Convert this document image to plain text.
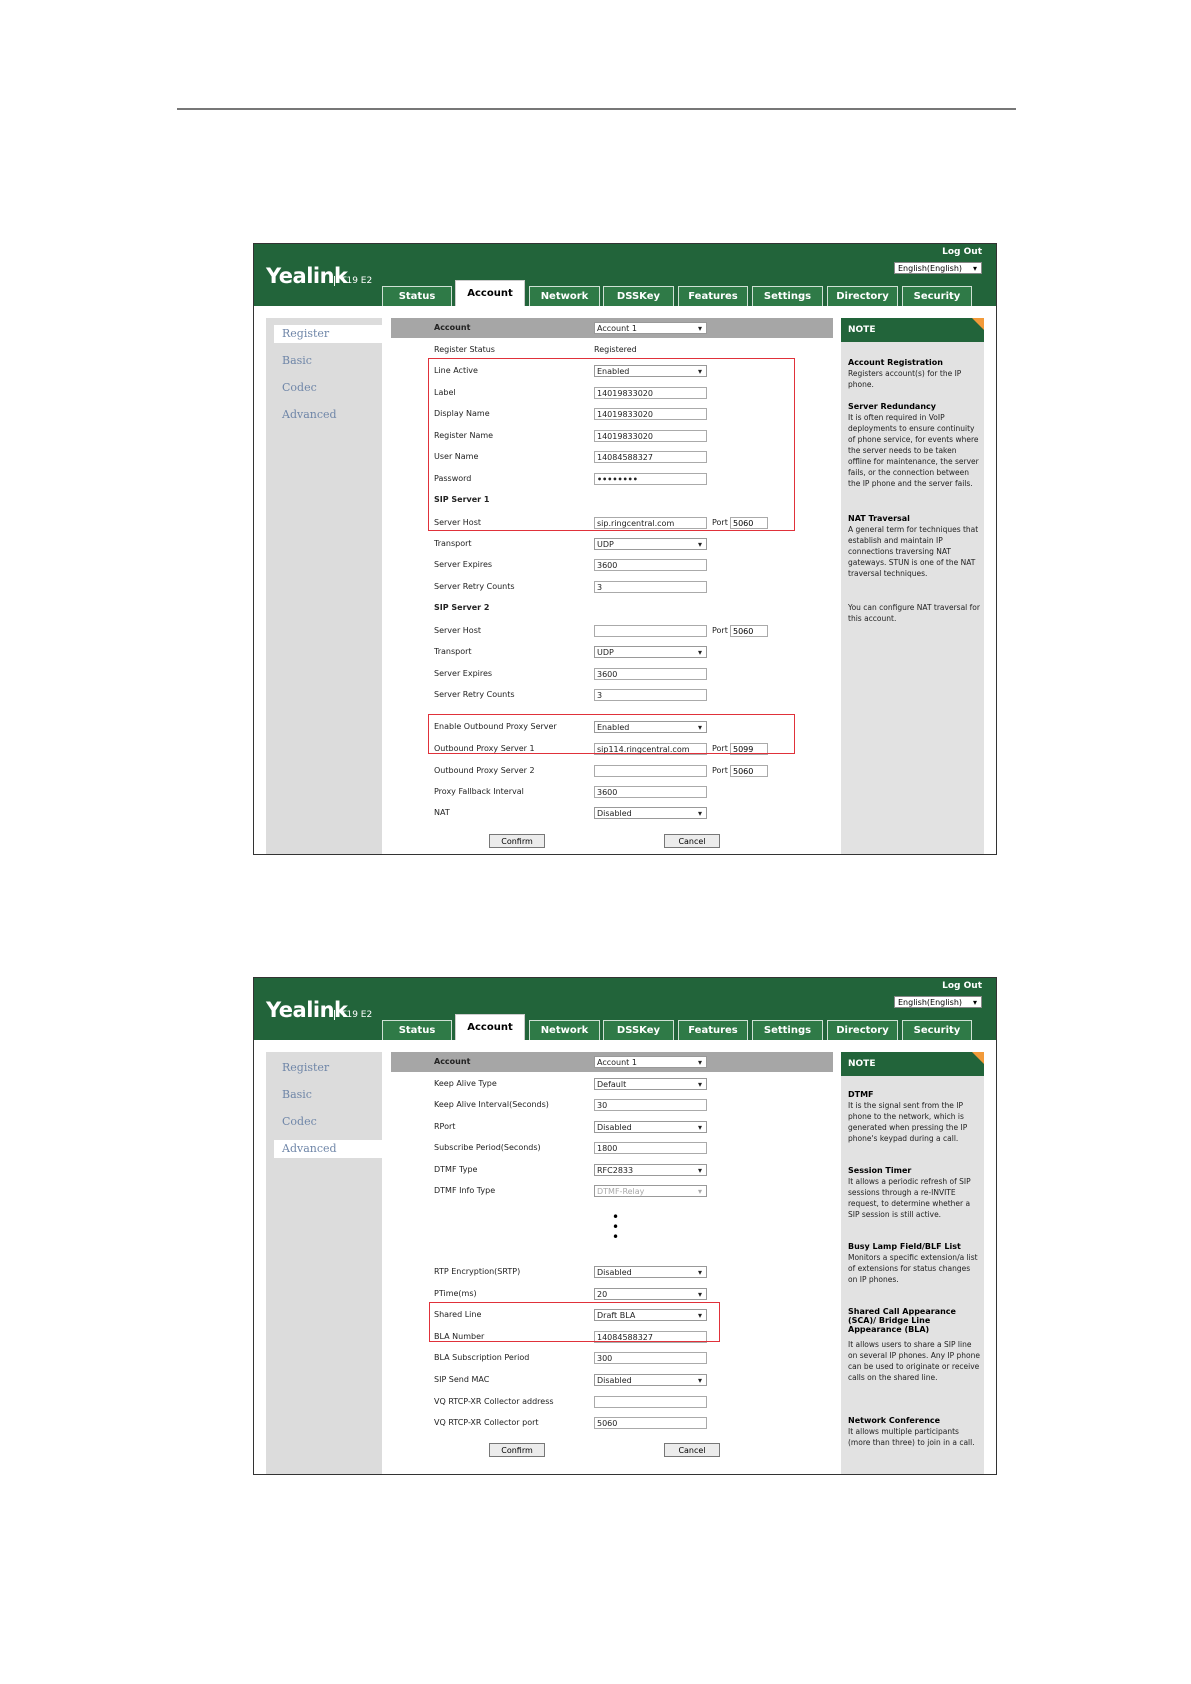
Yealink
T19 E2
Log Out
English(English) ▾
Status	Account	Network	DSSKey	Features	Settings	Directory	Security
Register
Basic
Codec
Advanced
Account	Account 1	▾
Register Status	Registered
Line Active	Enabled	▾
Label	14019833020
Display Name	14019833020
Register Name	14019833020
User Name	14084588327
Password	••••••••
SIP Server 1
Server Host	sip.ringcentral.com	Port 5060
Transport	UDP	▾
Server Expires	3600
Server Retry Counts	3
SIP Server 2
Server Host	Port 5060
Transport	UDP	▾
Server Expires	3600
Server Retry Counts	3
Enable Outbound Proxy Server	Enabled	▾
Outbound Proxy Server 1	sip114.ringcentral.com	Port 5099
Outbound Proxy Server 2	Port 5060
Proxy Fallback Interval	3600
NAT	Disabled	▾
Confirm	Cancel
NOTE
Account Registration
Registers account(s) for the IP phone.
Server Redundancy
It is often required in VoIP deployments to ensure continuity of phone service, for events where the server needs to be taken offline for maintenance, the server fails, or the connection between the IP phone and the server fails.
NAT Traversal
A general term for techniques that establish and maintain IP connections traversing NAT gateways. STUN is one of the NAT traversal techniques.
You can configure NAT traversal for this account.
Yealink
T19 E2
Log Out
English(English) ▾
Status	Account	Network	DSSKey	Features	Settings	Directory	Security
Register
Basic
Codec
Advanced
Account	Account 1	▾
Keep Alive Type	Default	▾
Keep Alive Interval(Seconds)	30
RPort	Disabled	▾
Subscribe Period(Seconds)	1800
DTMF Type	RFC2833	▾
DTMF Info Type	DTMF-Relay	▾
•
•
•
RTP Encryption(SRTP)	Disabled	▾
PTime(ms)	20	▾
Shared Line	Draft BLA	▾
BLA Number	14084588327
BLA Subscription Period	300
SIP Send MAC	Disabled	▾
VQ RTCP-XR Collector address
VQ RTCP-XR Collector port	5060
Confirm	Cancel
NOTE
DTMF
It is the signal sent from the IP phone to the network, which is generated when pressing the IP phone's keypad during a call.
Session Timer
It allows a periodic refresh of SIP sessions through a re-INVITE request, to determine whether a SIP session is still active.
Busy Lamp Field/BLF List
Monitors a specific extension/a list of extensions for status changes on IP phones.
Shared Call Appearance (SCA)/ Bridge Line Appearance (BLA)
It allows users to share a SIP line on several IP phones. Any IP phone can be used to originate or receive calls on the shared line.
Network Conference
It allows multiple participants (more than three) to join in a call.
